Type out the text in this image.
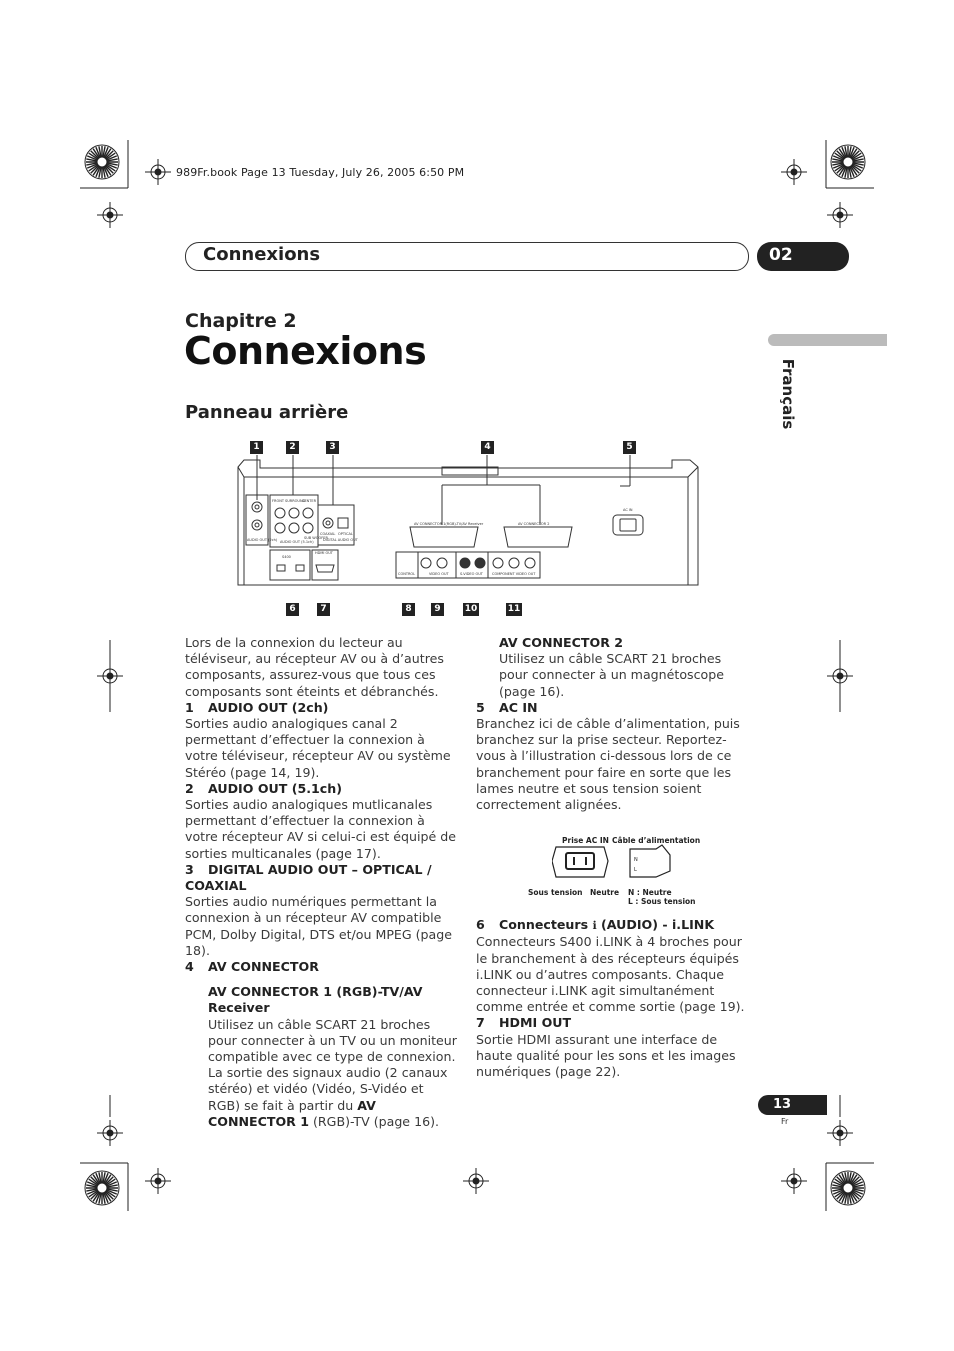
989Fr.book Page 13 Tuesday, July 26, 2005 6:50 PM
Connexions	02
Français
Chapitre 2
Connexions
Panneau arrière
1	2	3	4	5
6	7	8	9	10	11
AUDIO OUT (2ch)
FRONT SURROUND
CENTER
SUB WOOFER
AUDIO OUT (5.1ch)
COAXIAL OPTICAL
DIGITAL AUDIO OUT
AV CONNECTOR 1(RGB)-TV/AV Receiver	AV CONNECTOR 2
AC IN
S400
HDMI OUT
CONTROL	VIDEO OUT	S-VIDEO OUT	COMPONENT VIDEO OUT

Lors de la connexion du lecteur au téléviseur, au récepteur AV ou à d’autres composants, assurez-vous que tous ces composants sont éteints et débranchés.

1 AUDIO OUT (2ch)

Sorties audio analogiques canal 2 permettant d’effectuer la connexion à votre téléviseur, récepteur AV ou système Stéréo (page 14, 19).

2 AUDIO OUT (5.1ch)

Sorties audio analogiques mutlicanales permettant d’effectuer la connexion à votre récepteur AV si celui-ci est équipé de sorties multicanales (page 17).

3 DIGITAL AUDIO OUT – OPTICAL / COAXIAL

Sorties audio numériques permettant la connexion à un récepteur AV compatible PCM, Dolby Digital, DTS et/ou MPEG (page 18).

4 AV CONNECTOR

AV CONNECTOR 1 (RGB)-TV/AV Receiver

Utilisez un câble SCART 21 broches pour connecter à un TV ou un moniteur compatible avec ce type de connexion. La sortie des signaux audio (2 canaux stéréo) et vidéo (Vidéo, S-Vidéo et RGB) se fait à partir du AV CONNECTOR 1 (RGB)-TV (page 16).

AV CONNECTOR 2

Utilisez un câble SCART 21 broches pour connecter à un magnétoscope (page 16).

5 AC IN

Branchez ici de câble d’alimentation, puis branchez sur la prise secteur. Reportez-vous à l’illustration ci-dessous lors de ce branchement pour faire en sorte que les lames neutre et sous tension soient correctement alignées.

Prise AC IN Câble d’alimentation
N
L
Sous tension Neutre N : Neutre
L : Sous tension

6 Connecteurs ℹ (AUDIO) - i.LINK

Connecteurs S400 i.LINK à 4 broches pour le branchement à des récepteurs équipés i.LINK ou d’autres composants. Chaque connecteur i.LINK agit simultanément comme entrée et comme sortie (page 19).

7 HDMI OUT

Sortie HDMI assurant une interface de haute qualité pour les sons et les images numériques (page 22).

13
Fr
